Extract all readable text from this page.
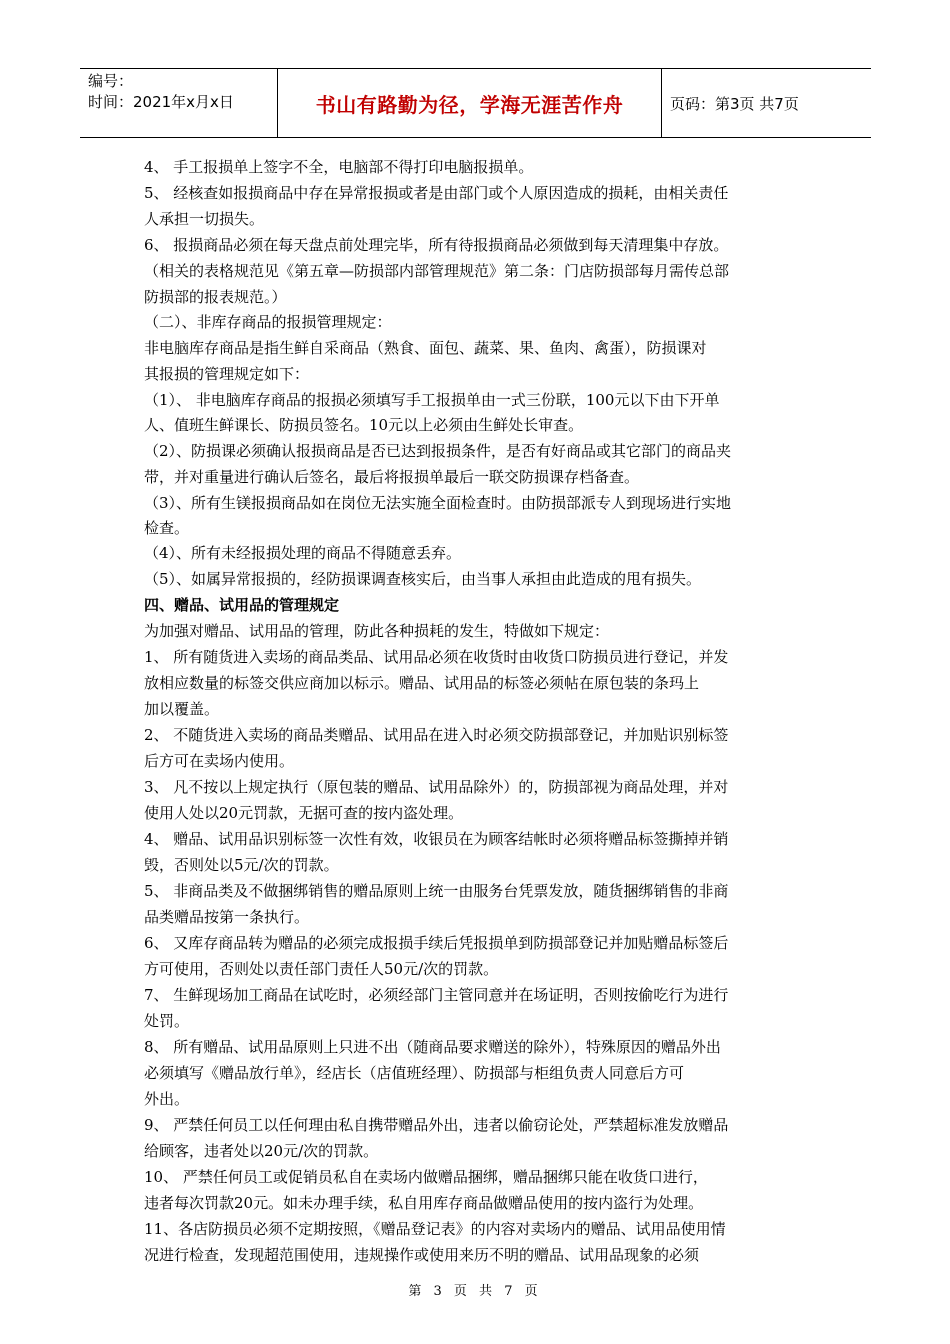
编号：
时间：2021年x月x日	书山有路勤为径，学海无涯苦作舟	页码：第3页 共7页
4、 手工报损单上签字不全，电脑部不得打印电脑报损单。
5、 经核查如报损商品中存在异常报损或者是由部门或个人原因造成的损耗，由相关责任
人承担一切损失。
6、 报损商品必须在每天盘点前处理完毕，所有待报损商品必须做到每天清理集中存放。
（相关的表格规范见《第五章—防损部内部管理规范》第二条：门店防损部每月需传总部
防损部的报表规范。）
（二）、非库存商品的报损管理规定：
非电脑库存商品是指生鲜自采商品（熟食、面包、蔬菜、果、鱼肉、禽蛋），防损课对
其报损的管理规定如下：
（1）、 非电脑库存商品的报损必须填写手工报损单由一式三份联，100元以下由下开单
人、值班生鲜课长、防损员签名。10元以上必须由生鲜处长审查。
（2）、防损课必须确认报损商品是否已达到报损条件，是否有好商品或其它部门的商品夹
带，并对重量进行确认后签名，最后将报损单最后一联交防损课存档备查。
（3）、所有生镁报损商品如在岗位无法实施全面检查时。由防损部派专人到现场进行实地
检查。
（4）、所有未经报损处理的商品不得随意丢弃。
（5）、如属异常报损的，经防损课调查核实后，由当事人承担由此造成的甩有损失。
四、赠品、试用品的管理规定
为加强对赠品、试用品的管理，防此各种损耗的发生，特做如下规定：
1、 所有随货进入卖场的商品类品、试用品必须在收货时由收货口防损员进行登记，并发
放相应数量的标签交供应商加以标示。赠品、试用品的标签必须帖在原包装的条玛上
加以覆盖。
2、 不随货进入卖场的商品类赠品、试用品在进入时必须交防损部登记，并加贴识别标签
后方可在卖场内使用。
3、 凡不按以上规定执行（原包装的赠品、试用品除外）的，防损部视为商品处理，并对
使用人处以20元罚款，无据可查的按内盗处理。
4、 赠品、试用品识别标签一次性有效，收银员在为顾客结帐时必须将赠品标签撕掉并销
毁，否则处以5元/次的罚款。
5、 非商品类及不做捆绑销售的赠品原则上统一由服务台凭票发放，随货捆绑销售的非商
品类赠品按第一条执行。
6、 又库存商品转为赠品的必须完成报损手续后凭报损单到防损部登记并加贴赠品标签后
方可使用，否则处以责任部门责任人50元/次的罚款。
7、 生鲜现场加工商品在试吃时，必须经部门主管同意并在场证明，否则按偷吃行为进行
处罚。
8、 所有赠品、试用品原则上只进不出（随商品要求赠送的除外），特殊原因的赠品外出
必须填写《赠品放行单》，经店长（店值班经理）、防损部与柜组负责人同意后方可
外出。
9、 严禁任何员工以任何理由私自携带赠品外出，违者以偷窃论处，严禁超标准发放赠品
给顾客，违者处以20元/次的罚款。
10、 严禁任何员工或促销员私自在卖场内做赠品捆绑，赠品捆绑只能在收货口进行，
违者每次罚款20元。如未办理手续，私自用库存商品做赠品使用的按内盗行为处理。
11、各店防损员必须不定期按照，《赠品登记表》的内容对卖场内的赠品、试用品使用情
况进行检查，发现超范围使用，违规操作或使用来历不明的赠品、试用品现象的必须
第 3 页 共 7 页
